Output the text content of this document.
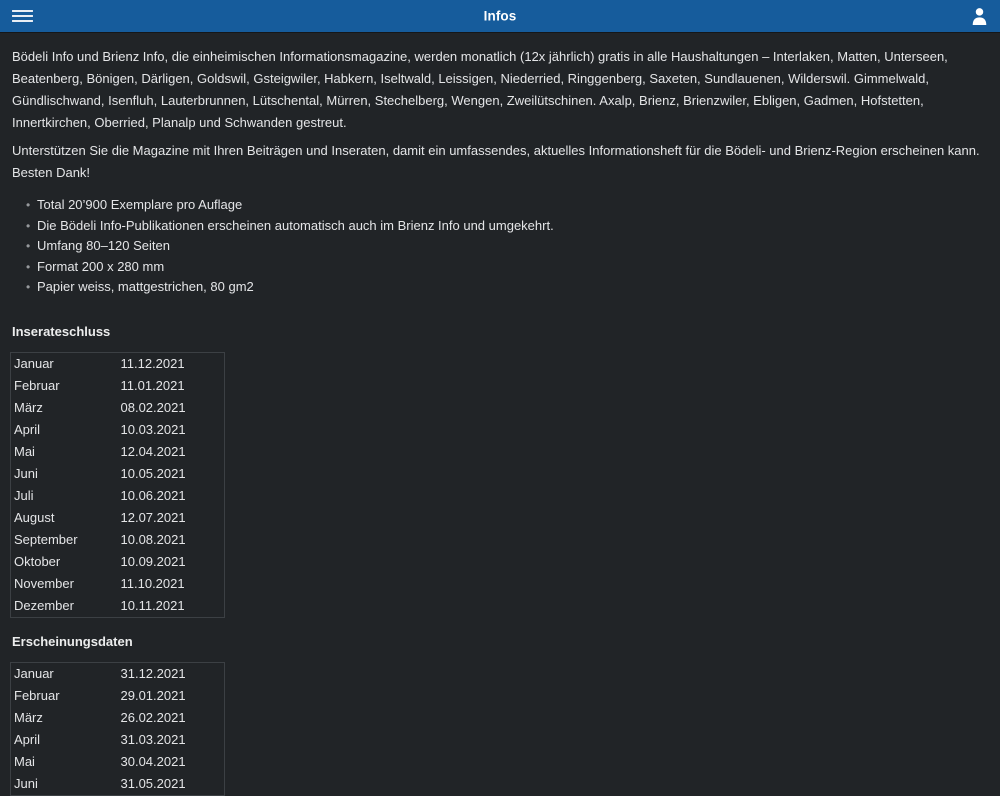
Infos

Bödeli Info und Brienz Info, die einheimischen Informationsmagazine, werden monatlich (12x jährlich) gratis in alle Haushaltungen – Interlaken, Matten, Unterseen, Beatenberg, Bönigen, Därligen, Goldswil, Gsteigwiler, Habkern, Iseltwald, Leissigen, Niederried, Ringgenberg, Saxeten, Sundlauenen, Wilderswil. Gimmelwald, Gündlischwand, Isenfluh, Lauterbrunnen, Lütschental, Mürren, Stechelberg, Wengen, Zweilütschinen. Axalp, Brienz, Brienzwiler, Ebligen, Gadmen, Hofstetten, Innertkirchen, Oberried, Planalp und Schwanden gestreut.

Unterstützen Sie die Magazine mit Ihren Beiträgen und Inseraten, damit ein umfassendes, aktuelles Informationsheft für die Bödeli- und Brienz-Region erscheinen kann. Besten Dank!

• Total 20’900 Exemplare pro Auflage
• Die Bödeli Info-Publikationen erscheinen automatisch auch im Brienz Info und umgekehrt.
• Umfang 80–120 Seiten
• Format 200 x 280 mm
• Papier weiss, mattgestrichen, 80 gm2
Inserateschluss
Januar	11.12.2021
Februar	11.01.2021
März	08.02.2021
April	10.03.2021
Mai	12.04.2021
Juni	10.05.2021
Juli	10.06.2021
August	12.07.2021
September	10.08.2021
Oktober	10.09.2021
November	11.10.2021
Dezember	10.11.2021
Erscheinungsdaten
Januar	31.12.2021
Februar	29.01.2021
März	26.02.2021
April	31.03.2021
Mai	30.04.2021
Juni	31.05.2021
